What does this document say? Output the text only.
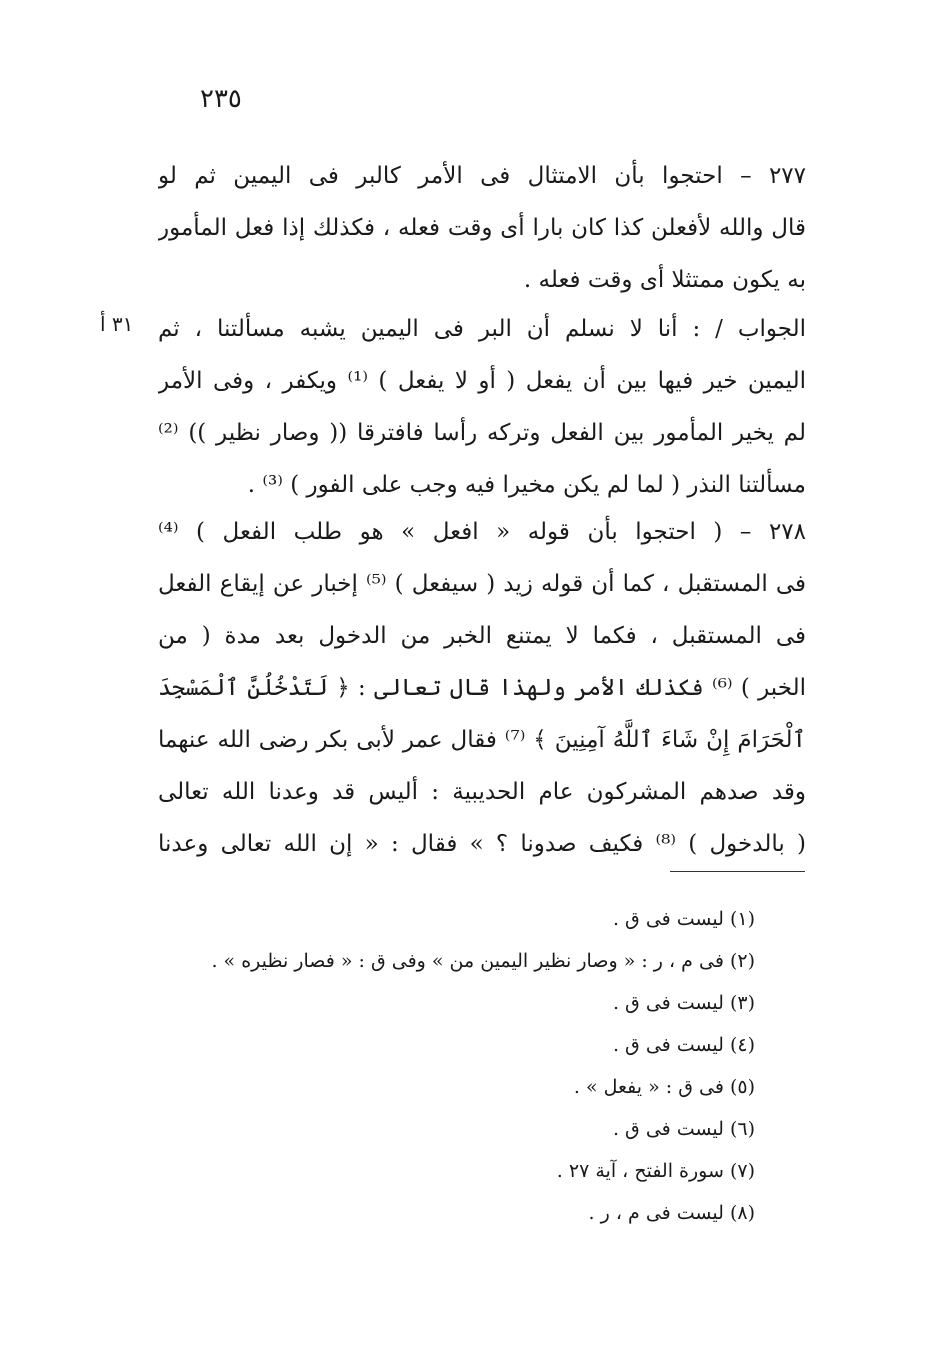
٢٣٥
٣١ أ
٢٧٧ – احتجوا بأن الامتثال فى الأمر كالبر فى اليمين ثم لو
قال والله لأفعلن كذا كان بارا أى وقت فعله ، فكذلك إذا فعل المأمور
به يكون ممتثلا أى وقت فعله .
الجواب / : أنا لا نسلم أن البر فى اليمين يشبه مسألتنا ، ثم
اليمين خير فيها بين أن يفعل ( أو لا يفعل ) ⁽¹⁾ ويكفر ، وفى الأمر
لم يخير المأمور بين الفعل وتركه رأسا فافترقا (( وصار نظير )) ⁽²⁾
مسألتنا النذر ( لما لم يكن مخيرا فيه وجب على الفور ) ⁽³⁾ .
٢٧٨ – ( احتجوا بأن قوله « افعل » هو طلب الفعل ) ⁽⁴⁾
فى المستقبل ، كما أن قوله زيد ( سيفعل ) ⁽⁵⁾ إخبار عن إيقاع الفعل
فى المستقبل ، فكما لا يمتنع الخبر من الدخول بعد مدة ( من
الخبر ) ⁽⁶⁾ فكذلك الأمر ولهذا قال تعالى : ﴿ لَتَدْخُلُنَّ ٱلْمَسْجِدَ
ٱلْحَرَامَ إِنْ شَاءَ ٱللَّهُ آمِنِينَ ﴾ ⁽⁷⁾ فقال عمر لأبى بكر رضى الله عنهما
وقد صدهم المشركون عام الحديبية : أليس قد وعدنا الله تعالى
( بالدخول ) ⁽⁸⁾ فكيف صدونا ؟ » فقال : « إن الله تعالى وعدنا
(١) ليست فى ق .
(٢) فى م ، ر : « وصار نظير اليمين من » وفى ق : « فصار نظيره » .
(٣) ليست فى ق .
(٤) ليست فى ق .
(٥) فى ق : « يفعل » .
(٦) ليست فى ق .
(٧) سورة الفتح ، آية ٢٧ .
(٨) ليست فى م ، ر .
